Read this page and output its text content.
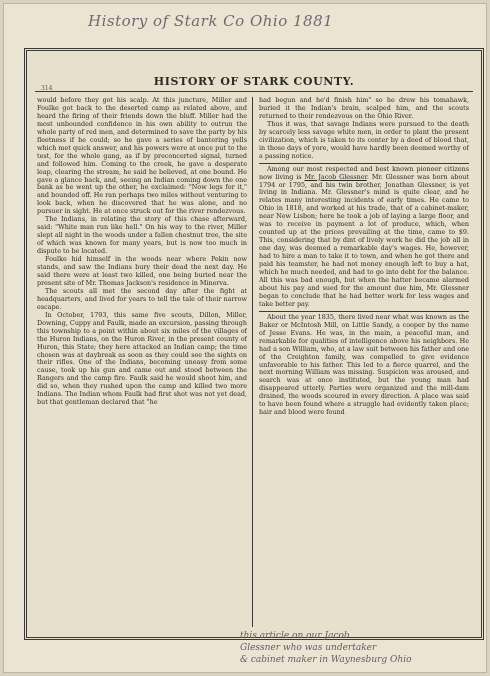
History of Stark Co Ohio 1881
314
HISTORY OF STARK COUNTY.

would before they got his scalp. At this juncture, Miller and Foulke got back to the deserted camp as related above, and heard the firing of their friends down the bluff. Miller had the most unbounded confidence in his own ability to outrun the whole party of red men, and determined to save the party by his fleetness if he could; so he gave a series of bantering yells which met quick answer, and his powers were at once put to the test, for the whole gang, as if by preconcerted signal, turned and followed him. Coming to the creek, he gave a desperate leap, clearing the stream, he said he believed, at one bound. He gave a glance back, and, seeing an Indian coming down the one bank as he went up the other, he exclaimed: "Now legs for it," and bounded off. He ran perhaps two miles without venturing to look back, when he discovered that he was alone, and no pursuer in sight. He at once struck out for the river rendezvous.

The Indians, in relating the story of this chase afterward, said: "White man run like hell." On his way to the river, Miller slept all night in the woods under a fallen chestnut tree, the site of which was known for many years, but is now too much in dispute to be located.

Foulke hid himself in the woods near where Pekin now stands, and saw the Indians bury their dead the next day. He said there were at least two killed, one being buried near the present site of Mr. Thomas Jackson's residence in Minerva.

The scouts all met the second day after the fight at headquarters, and lived for years to tell the tale of their narrow escape.

In October, 1793, this same five scouts, Dillon, Miller, Downing, Cuppy and Faulk, made an excursion, passing through this township to a point within about six miles of the villages of the Huron Indians, on the Huron River, in the present county of Huron, this State; they here attacked an Indian camp; the time chosen was at daybreak as soon as they could see the sights on their rifles. One of the Indians, becoming uneasy from some cause, took up his gun and came out and stood between the Rangers and the camp fire. Faulk said he would shoot him, and did so, when they rushed upon the camp and killed two more Indians. The Indian whom Faulk had first shot was not yet dead, but that gentleman declared that "he

had begun and he'd finish him" so he drew his tomahawk, buried it the Indian's brain, scalped him, and the scouts returned to their rendezvous on the Ohio River.

Thus it was, that savage Indians were pursued to the death by scarcely less savage white men, in order to plant the present civilization, which is taken to its center by a deed of blood that, in those days of yore, would have hardly been deemed worthy of a passing notice.

Among our most respected and best known pioneer citizens now living is Mr. Jacob Glessner. Mr. Glessner was born about 1794 or 1795, and his twin brother, Jonathan Glessner, is yet living in Indiana. Mr. Glessner's mind is quite clear, and he relates many interesting incidents of early times. He came to Ohio in 1818, and worked at his trade, that of a cabinet-maker, near New Lisbon; here he took a job of laying a large floor, and was to receive in payment a lot of produce, which, when counted up at the prices prevailing at the time, came to $9. This, considering that by dint of lively work he did the job all in one day, was deemed a remarkable day's wages. He, however, had to hire a man to take it to town, and when he got there and paid his teamster, he had not money enough left to buy a hat, which he much needed, and had to go into debt for the balance. All this was bad enough, but when the hatter became alarmed about his pay and sued for the amount due him, Mr. Glessner began to conclude that he had better work for less wages and take better pay.

About the year 1835, there lived near what was known as the Baker or McIntosh Mill, on Little Sandy, a cooper by the name of Jesse Evans. He was, in the main, a peaceful man, and remarkable for qualities of intelligence above his neighbors. He had a son William, who, at a law suit between his father and one of the Creighton family, was compelled to give evidence unfavorable to his father. This led to a fierce quarrel, and the next morning William was missing. Suspicion was aroused, and search was at once instituted, but the young man had disappeared utterly. Parties were organized and the mill-dam drained, the woods scoured in every direction. A place was said to have been found where a struggle had evidently taken place; hair and blood were found

this article on our Jacob
Glessner who was undertaker
& cabinet maker in Waynesburg Ohio
